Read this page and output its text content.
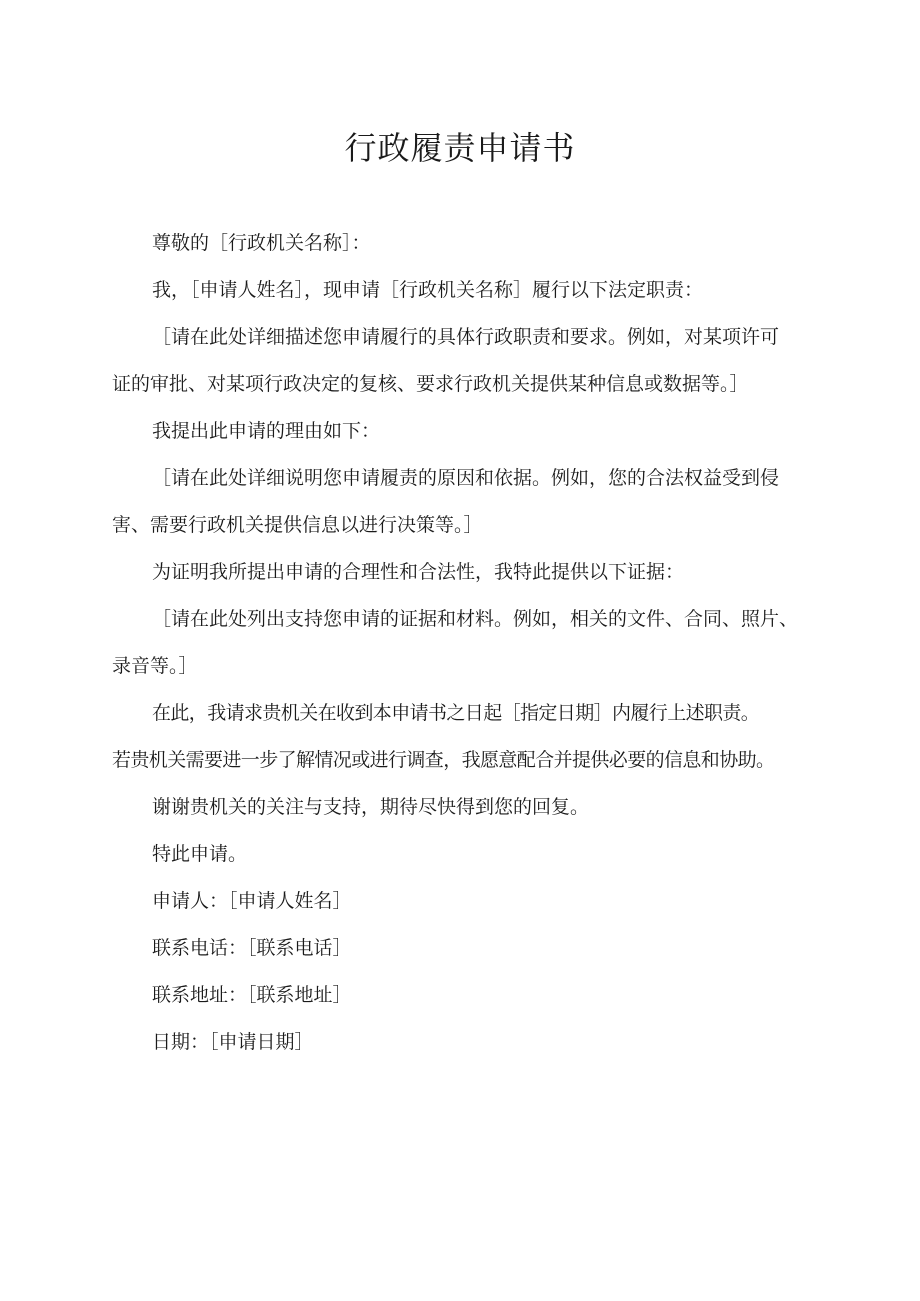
行政履责申请书
尊敬的［行政机关名称］：
我，［申请人姓名］，现申请［行政机关名称］履行以下法定职责：
［请在此处详细描述您申请履行的具体行政职责和要求。例如，对某项许可
证的审批、对某项行政决定的复核、要求行政机关提供某种信息或数据等。］
我提出此申请的理由如下：
［请在此处详细说明您申请履责的原因和依据。例如，您的合法权益受到侵
害、需要行政机关提供信息以进行决策等。］
为证明我所提出申请的合理性和合法性，我特此提供以下证据：
［请在此处列出支持您申请的证据和材料。例如，相关的文件、合同、照片、
录音等。］
在此，我请求贵机关在收到本申请书之日起［指定日期］内履行上述职责。
若贵机关需要进一步了解情况或进行调查，我愿意配合并提供必要的信息和协助。
谢谢贵机关的关注与支持，期待尽快得到您的回复。
特此申请。
申请人：［申请人姓名］
联系电话：［联系电话］
联系地址：［联系地址］
日期：［申请日期］
